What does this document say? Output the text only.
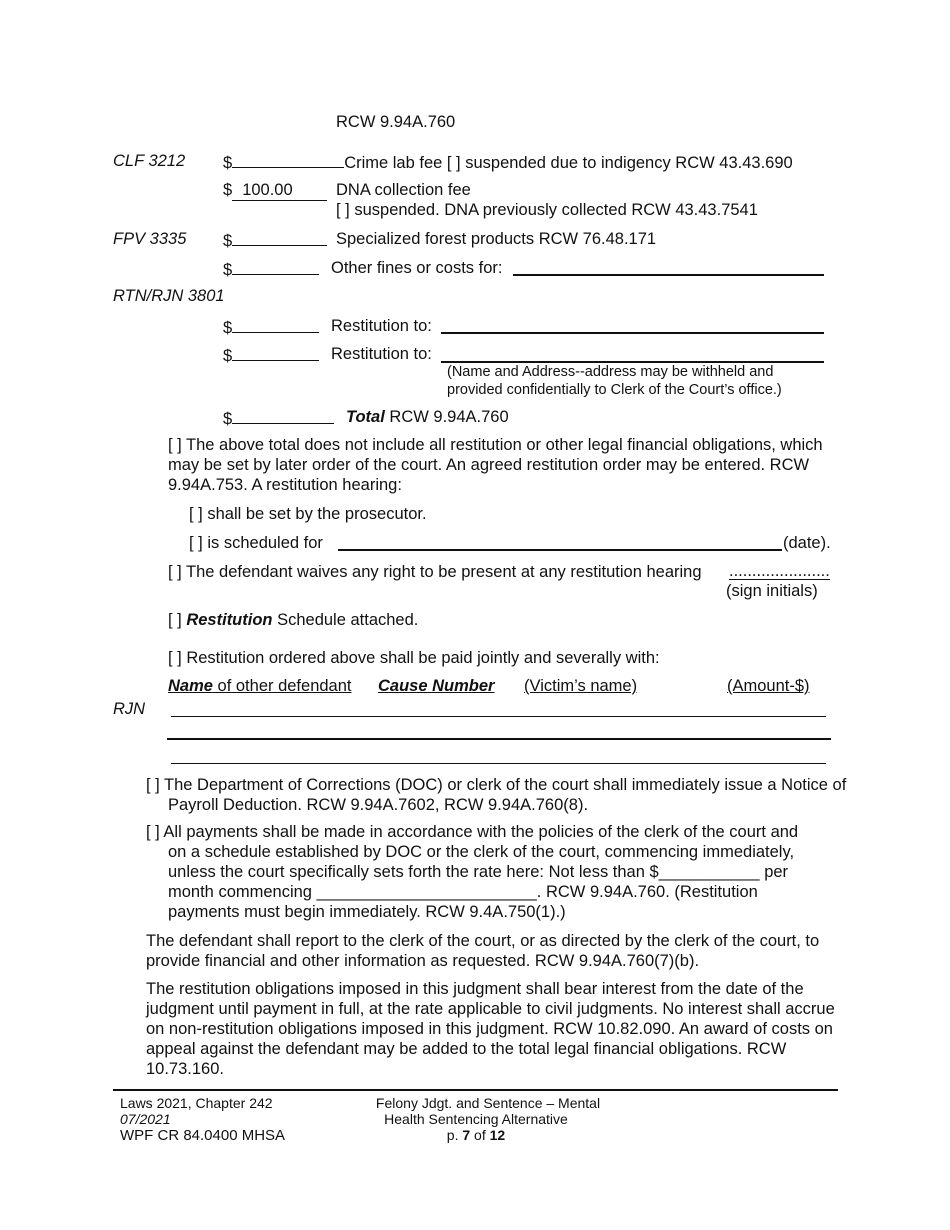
RCW 9.94A.760
CLF 3212 $	Crime lab fee [ ] suspended due to indigency RCW 43.43.690
$ 100.00	DNA collection fee
[ ] suspended. DNA previously collected RCW 43.43.7541
FPV 3335 $	Specialized forest products RCW 76.48.171
$	Other fines or costs for:
RTN/RJN 3801
$	Restitution to:
$	Restitution to:
(Name and Address--address may be withheld and
provided confidentially to Clerk of the Court’s office.)
$	Total RCW 9.94A.760
[ ] The above total does not include all restitution or other legal financial obligations, which may be set by later order of the court. An agreed restitution order may be entered. RCW 9.94A.753. A restitution hearing:
[ ] shall be set by the prosecutor.
[ ] is scheduled for	(date).
[ ] The defendant waives any right to be present at any restitution hearing ......................
(sign initials)
[ ] Restitution Schedule attached.
[ ] Restitution ordered above shall be paid jointly and severally with:
Name of other defendant Cause Number (Victim’s name)	(Amount-$)
RJN
[ ] The Department of Corrections (DOC) or clerk of the court shall immediately issue a Notice of Payroll Deduction. RCW 9.94A.7602, RCW 9.94A.760(8).
[ ] All payments shall be made in accordance with the policies of the clerk of the court and
on a schedule established by DOC or the clerk of the court, commencing immediately,
unless the court specifically sets forth the rate here: Not less than $___________ per
month commencing ________________________. RCW 9.94A.760. (Restitution
payments must begin immediately. RCW 9.4A.750(1).)
The defendant shall report to the clerk of the court, or as directed by the clerk of the court, to provide financial and other information as requested. RCW 9.94A.760(7)(b).
The restitution obligations imposed in this judgment shall bear interest from the date of the judgment until payment in full, at the rate applicable to civil judgments. No interest shall accrue on non-restitution obligations imposed in this judgment. RCW 10.82.090. An award of costs on appeal against the defendant may be added to the total legal financial obligations. RCW 10.73.160.
Laws 2021, Chapter 242
07/2021
WPF CR 84.0400 MHSA
Felony Jdgt. and Sentence – Mental
Health Sentencing Alternative
p. 7 of 12
